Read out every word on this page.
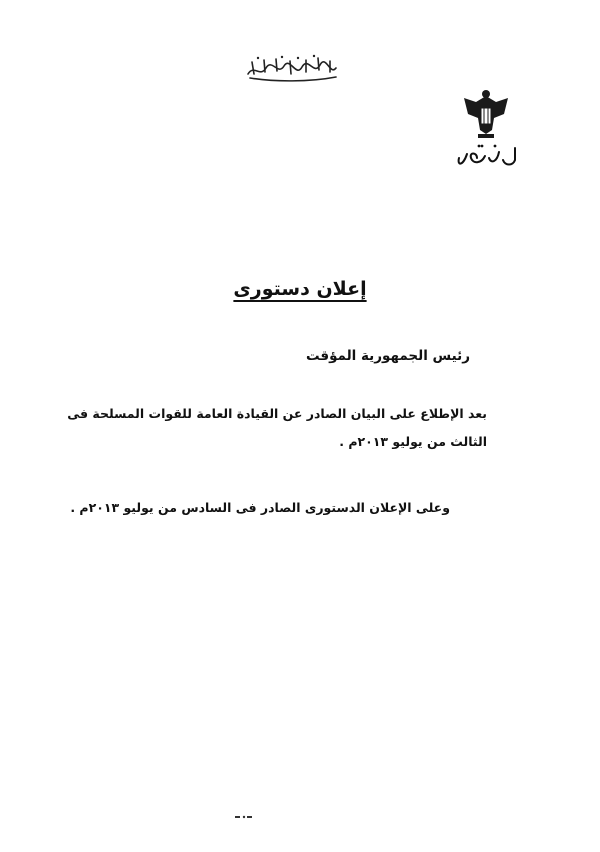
إعلان دستورى
رئيس الجمهورية المؤقت
بعد الإطلاع على البيان الصادر عن القيادة العامة للقوات المسلحة فى
الثالث من يوليو ٢٠١٣م .
وعلى الإعلان الدستورى الصادر فى السادس من يوليو ٢٠١٣م .
